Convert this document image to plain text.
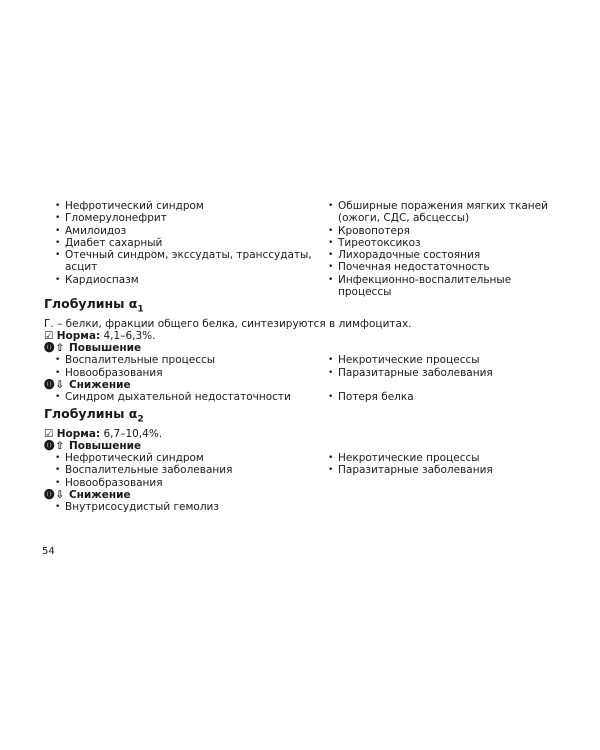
• Нефротический синдром
• Гломерулонефрит
• Амилоидоз
• Диабет сахарный
• Отечный синдром, экссудаты, транссудаты, асцит
• Кардиоспазм
• Обширные поражения мягких тканей (ожоги, СДС, абсцессы)
• Кровопотеря
• Тиреотоксикоз
• Лихорадочные состояния
• Почечная недостаточность
• Инфекционно-воспалительные процессы
Глобулины $\alpha_1$

Г. – белки, фракции общего белка, синтезируются в лимфоцитах.

☑ Норма: 4,1–6,3%.

⓿⇧ Повышение

• Воспалительные процессы
• Новообразования
• Некротические процессы
• Паразитарные заболевания

⓿⇩ Снижение

• Синдром дыхательной недостаточности
•	Потеря белка
Глобулины $\alpha_2$

☑ Норма: 6,7–10,4%.

⓿⇧ Повышение

• Нефротический синдром
• Воспалительные заболевания
• Новообразования
• Некротические процессы
• Паразитарные заболевания

⓿⇩ Снижение

• Внутрисосудистый гемолиз
54
